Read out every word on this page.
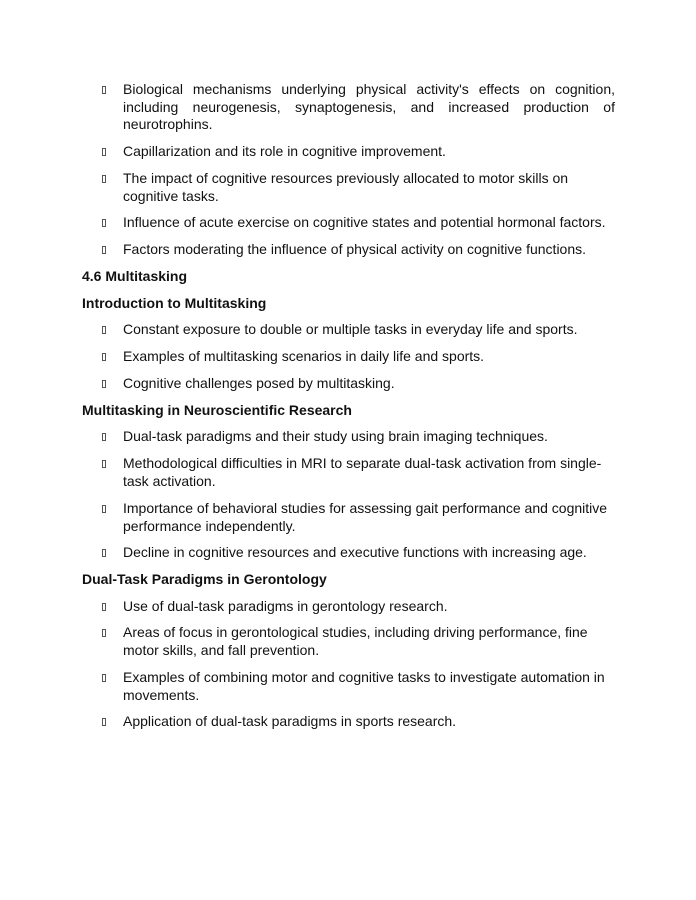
Biological mechanisms underlying physical activity's effects on cognition, including neurogenesis, synaptogenesis, and increased production of neurotrophins.
Capillarization and its role in cognitive improvement.
The impact of cognitive resources previously allocated to motor skills on cognitive tasks.
Influence of acute exercise on cognitive states and potential hormonal factors.
Factors moderating the influence of physical activity on cognitive functions.
4.6 Multitasking
Introduction to Multitasking
Constant exposure to double or multiple tasks in everyday life and sports.
Examples of multitasking scenarios in daily life and sports.
Cognitive challenges posed by multitasking.
Multitasking in Neuroscientific Research
Dual-task paradigms and their study using brain imaging techniques.
Methodological difficulties in MRI to separate dual-task activation from single-task activation.
Importance of behavioral studies for assessing gait performance and cognitive performance independently.
Decline in cognitive resources and executive functions with increasing age.
Dual-Task Paradigms in Gerontology
Use of dual-task paradigms in gerontology research.
Areas of focus in gerontological studies, including driving performance, fine motor skills, and fall prevention.
Examples of combining motor and cognitive tasks to investigate automation in movements.
Application of dual-task paradigms in sports research.
